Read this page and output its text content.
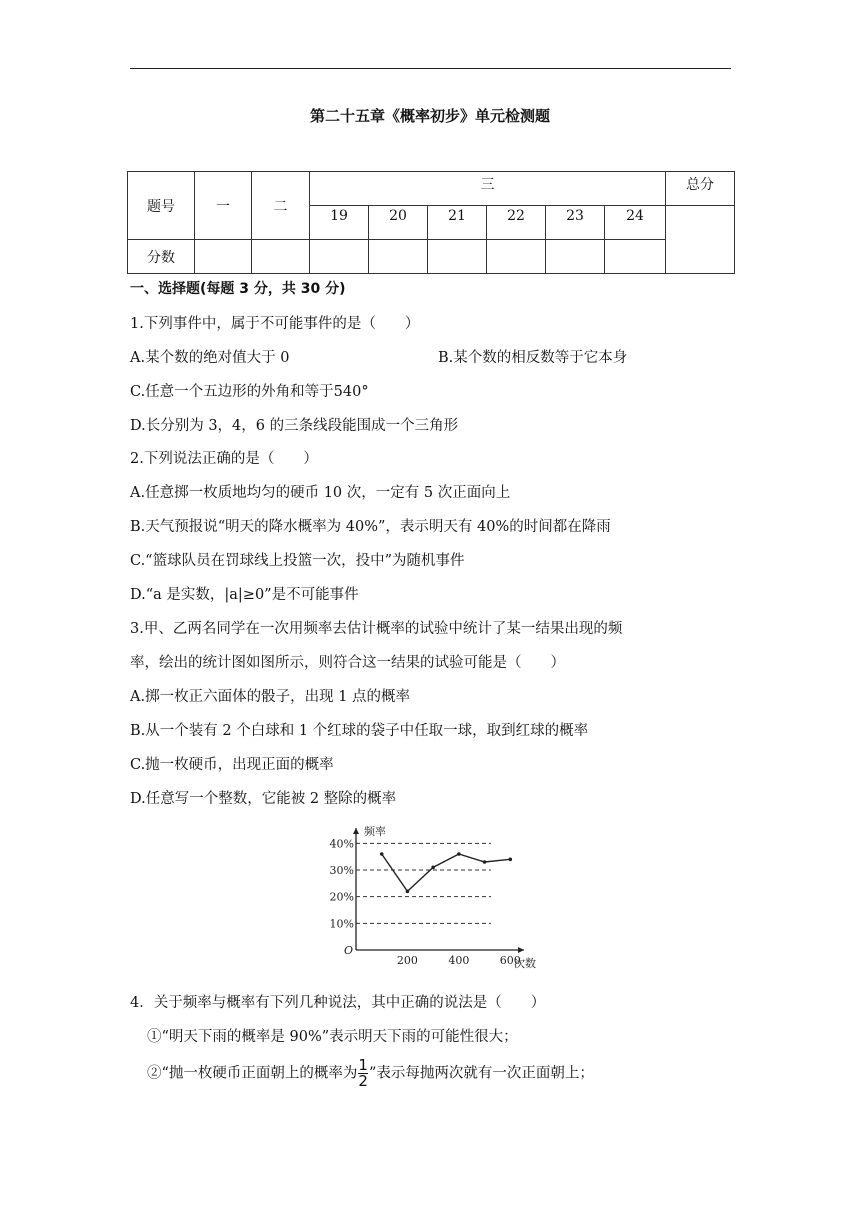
第二十五章《概率初步》单元检测题
题号	一	二	三						总分
			19	20	21	22	23	24	
分数									
一、选择题(每题 3 分，共 30 分)
1.下列事件中，属于不可能事件的是（　　）
A.某个数的绝对值大于 0	B.某个数的相反数等于它本身
C.任意一个五边形的外角和等于540°
D.长分别为 3，4，6 的三条线段能围成一个三角形
2.下列说法正确的是（　　）
A.任意掷一枚质地均匀的硬币 10 次，一定有 5 次正面向上
B.天气预报说“明天的降水概率为 40%”，表示明天有 40%的时间都在降雨
C.“篮球队员在罚球线上投篮一次，投中”为随机事件
D.“a 是实数，|a|≥0”是不可能事件
3.甲、乙两名同学在一次用频率去估计概率的试验中统计了某一结果出现的频
率，绘出的统计图如图所示，则符合这一结果的试验可能是（　　）
A.掷一枚正六面体的骰子，出现 1 点的概率
B.从一个装有 2 个白球和 1 个红球的袋子中任取一球，取到红球的概率
C.抛一枚硬币，出现正面的概率
D.任意写一个整数，它能被 2 整除的概率
10%
20%
30%
40%
200	400	600
O
频率
次数
4．关于频率与概率有下列几种说法，其中正确的说法是（　　）
①“明天下雨的概率是 90%”表示明天下雨的可能性很大；
②“抛一枚硬币正面朝上的概率为 $\frac{1}{2}$ ”表示每抛两次就有一次正面朝上；
